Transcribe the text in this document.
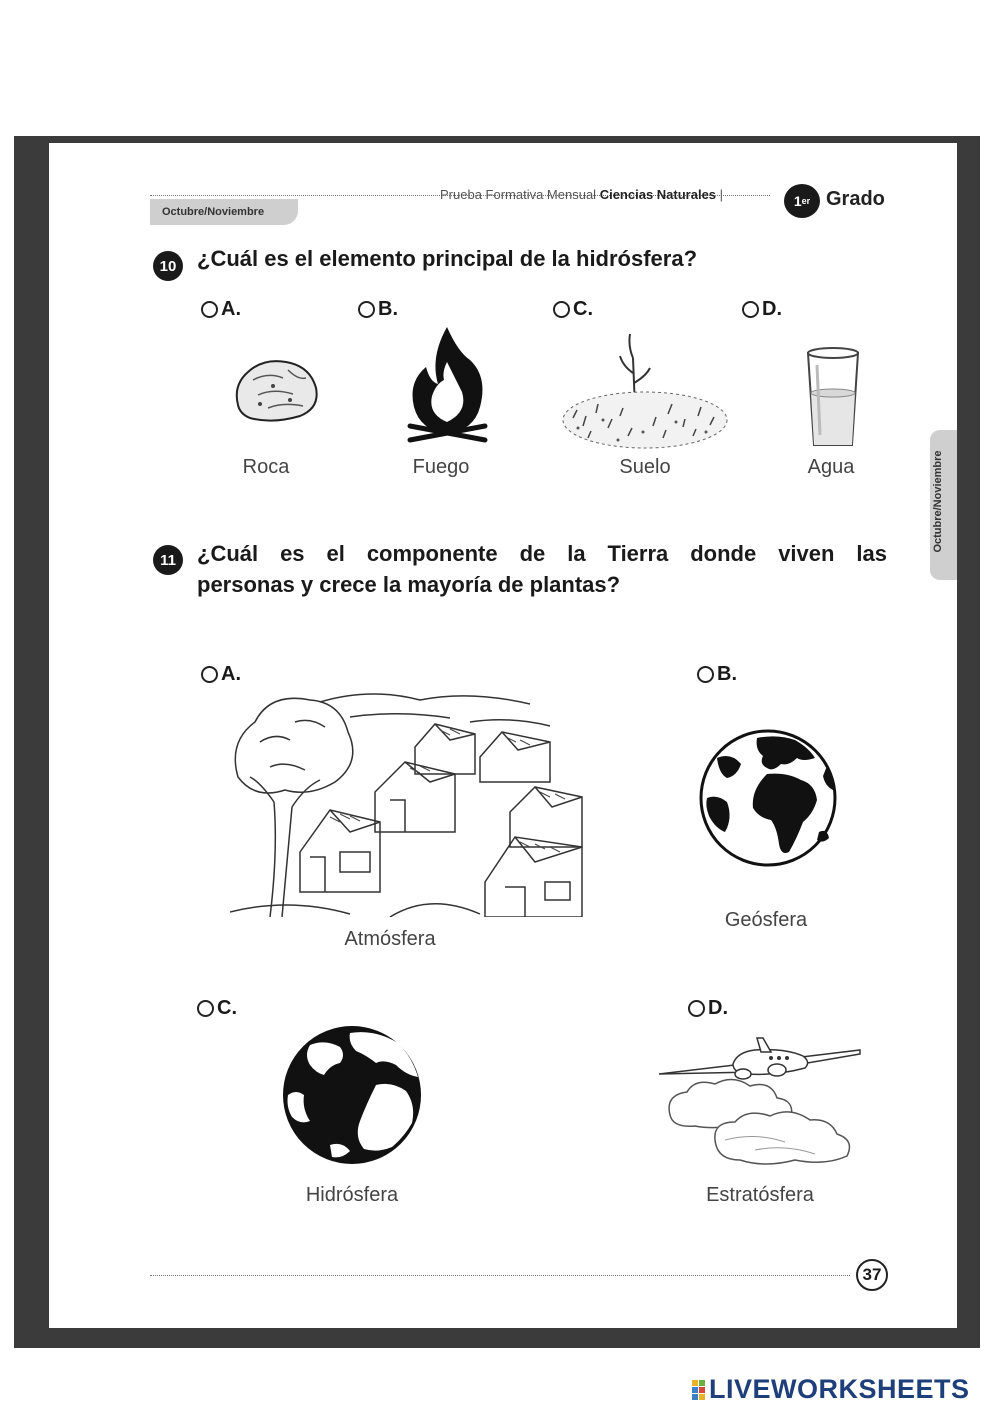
Octubre/Noviembre
Prueba Formativa Mensual Ciencias Naturales |	1 er Grado
Octubre/Noviembre
10 ¿Cuál es el elemento principal de la hidrósfera?
A.	B.	C.	D.
Roca	Fuego	Suelo	Agua
11 ¿Cuál es el componente de la Tierra donde viven las
personas y crece la mayoría de plantas?
A.	B.
C.	D.
Atmósfera
Geósfera
Hidrósfera	Estratósfera
37
LIVEWORKSHEETS
